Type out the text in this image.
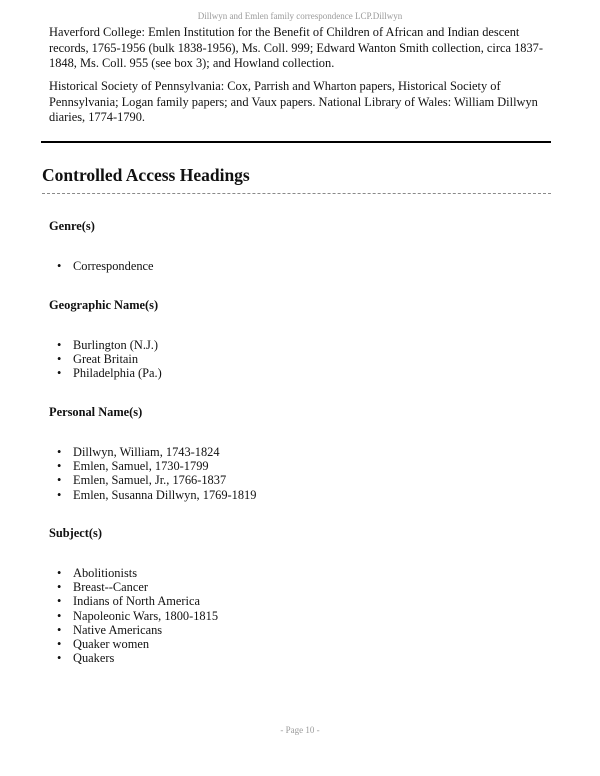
Dillwyn and Emlen family correspondence LCP.Dillwyn

Haverford College: Emlen Institution for the Benefit of Children of African and Indian descent records, 1765-1956 (bulk 1838-1956), Ms. Coll. 999; Edward Wanton Smith collection, circa 1837-1848, Ms. Coll. 955 (see box 3); and Howland collection.

Historical Society of Pennsylvania: Cox, Parrish and Wharton papers, Historical Society of Pennsylvania; Logan family papers; and Vaux papers. National Library of Wales: William Dillwyn diaries, 1774-1790.

Controlled Access Headings
Genre(s)
• Correspondence
Geographic Name(s)
• Burlington (N.J.)
• Great Britain
• Philadelphia (Pa.)
Personal Name(s)
• Dillwyn, William, 1743-1824
• Emlen, Samuel, 1730-1799
• Emlen, Samuel, Jr., 1766-1837
• Emlen, Susanna Dillwyn, 1769-1819
Subject(s)
• Abolitionists
• Breast--Cancer
• Indians of North America
• Napoleonic Wars, 1800-1815
• Native Americans
• Quaker women
• Quakers
- Page 10 -
